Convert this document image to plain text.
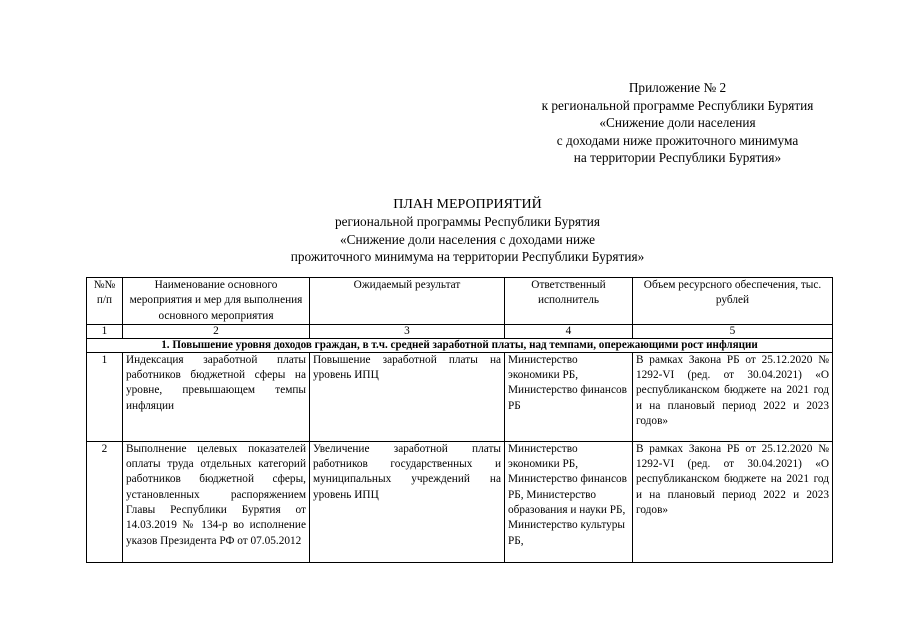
Приложение № 2
к региональной программе Республики Бурятия
«Снижение доли населения
с доходами ниже прожиточного минимума
на территории Республики Бурятия»
ПЛАН МЕРОПРИЯТИЙ
региональной программы Республики Бурятия
«Снижение доли населения с доходами ниже
прожиточного минимума на территории Республики Бурятия»
№№ п/п	Наименование основного мероприятия и мер для выполнения основного мероприятия	Ожидаемый результат	Ответственный исполнитель	Объем ресурсного обеспечения, тыс. рублей
1	2	3	4	5
1. Повышение уровня доходов граждан, в т.ч. средней заработной платы, над темпами, опережающими рост инфляции				
1	Индексация заработной платы работников бюджетной сферы на уровне, превышающем темпы инфляции	Повышение заработной платы на уровень ИПЦ	Министерство экономики РБ, Министерство финансов РБ	В рамках Закона РБ от 25.12.2020 № 1292-VI (ред. от 30.04.2021) «О республиканском бюджете на 2021 год и на плановый период 2022 и 2023 годов»
2	Выполнение целевых показателей оплаты труда отдельных категорий работников бюджетной сферы, установленных распоряжением Главы Республики Бурятия от 14.03.2019 № 134-р во исполнение указов Президента РФ от 07.05.2012	Увеличение заработной платы работников государственных и муниципальных учреждений на уровень ИПЦ	Министерство экономики РБ, Министерство финансов РБ, Министерство образования и науки РБ, Министерство культуры РБ,	В рамках Закона РБ от 25.12.2020 № 1292-VI (ред. от 30.04.2021) «О республиканском бюджете на 2021 год и на плановый период 2022 и 2023 годов»
